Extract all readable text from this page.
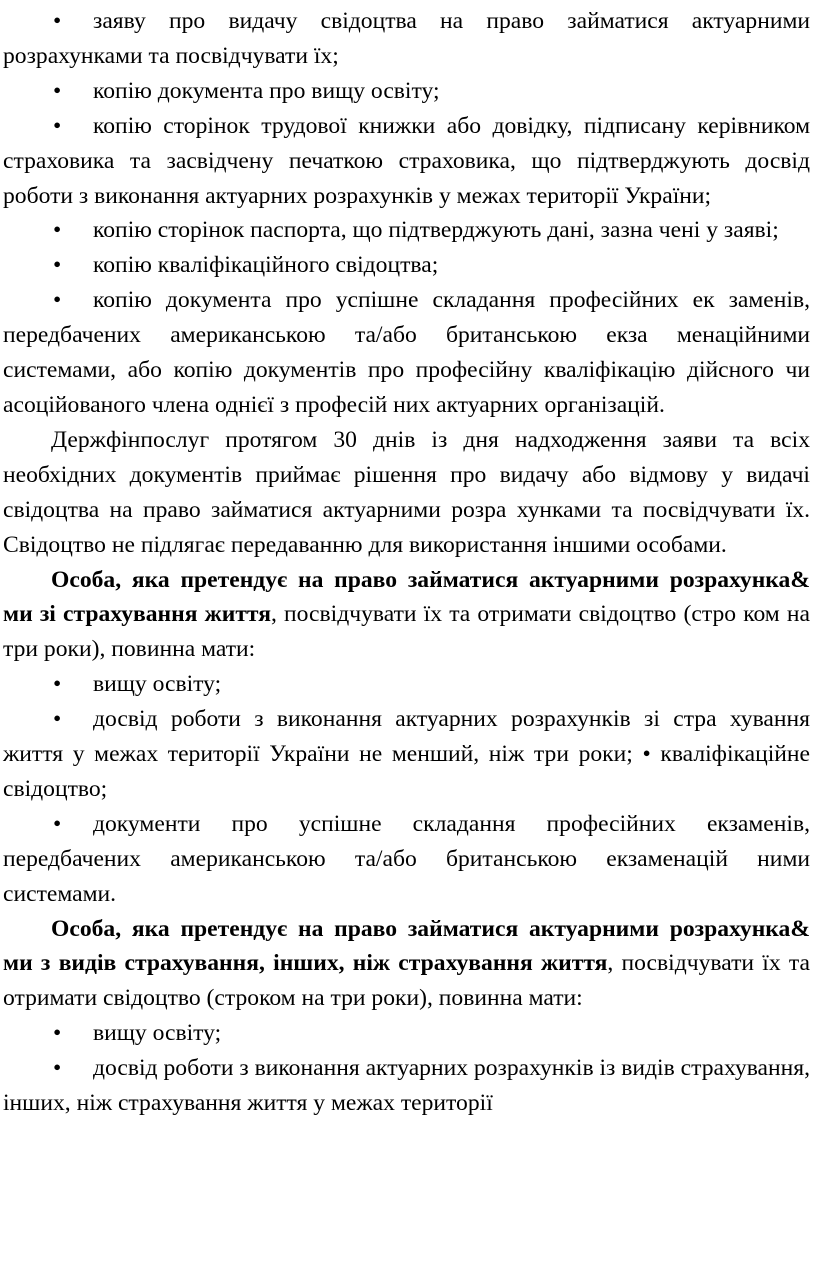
• заяву про видачу свідоцтва на право займатися актуарними розрахунками та посвідчувати їх;

• копію документа про вищу освіту;

• копію сторінок трудової книжки або довідку, підписану керівником страховика та засвідчену печаткою страховика, що підтверджують досвід роботи з виконання актуарних розрахунків у межах території України;

• копію сторінок паспорта, що підтверджують дані, зазна чені у заяві;

• копію кваліфікаційного свідоцтва;

• копію документа про успішне складання професійних ек заменів, передбачених американською та/або британською екза менаційними системами, або копію документів про професійну кваліфікацію дійсного чи асоційованого члена однієї з професій них актуарних організацій.

Держфінпослуг протягом 30 днів із дня надходження заяви та всіх необхідних документів приймає рішення про видачу або відмову у видачі свідоцтва на право займатися актуарними розра хунками та посвідчувати їх. Свідоцтво не підлягає передаванню для використання іншими особами.

Особа, яка претендує на право займатися актуарними розрахунка& ми зі страхування життя, посвідчувати їх та отримати свідоцтво (стро ком на три роки), повинна мати:

• вищу освіту;

• досвід роботи з виконання актуарних розрахунків зі стра хування життя у межах території України не менший, ніж три роки; • кваліфікаційне свідоцтво;

• документи про успішне складання професійних екзаменів, передбачених американською та/або британською екзаменацій ними системами.

Особа, яка претендує на право займатися актуарними розрахунка& ми з видів страхування, інших, ніж страхування життя, посвідчувати їх та отримати свідоцтво (строком на три роки), повинна мати:

• вищу освіту;

• досвід роботи з виконання актуарних розрахунків із видів страхування, інших, ніж страхування життя у межах території
